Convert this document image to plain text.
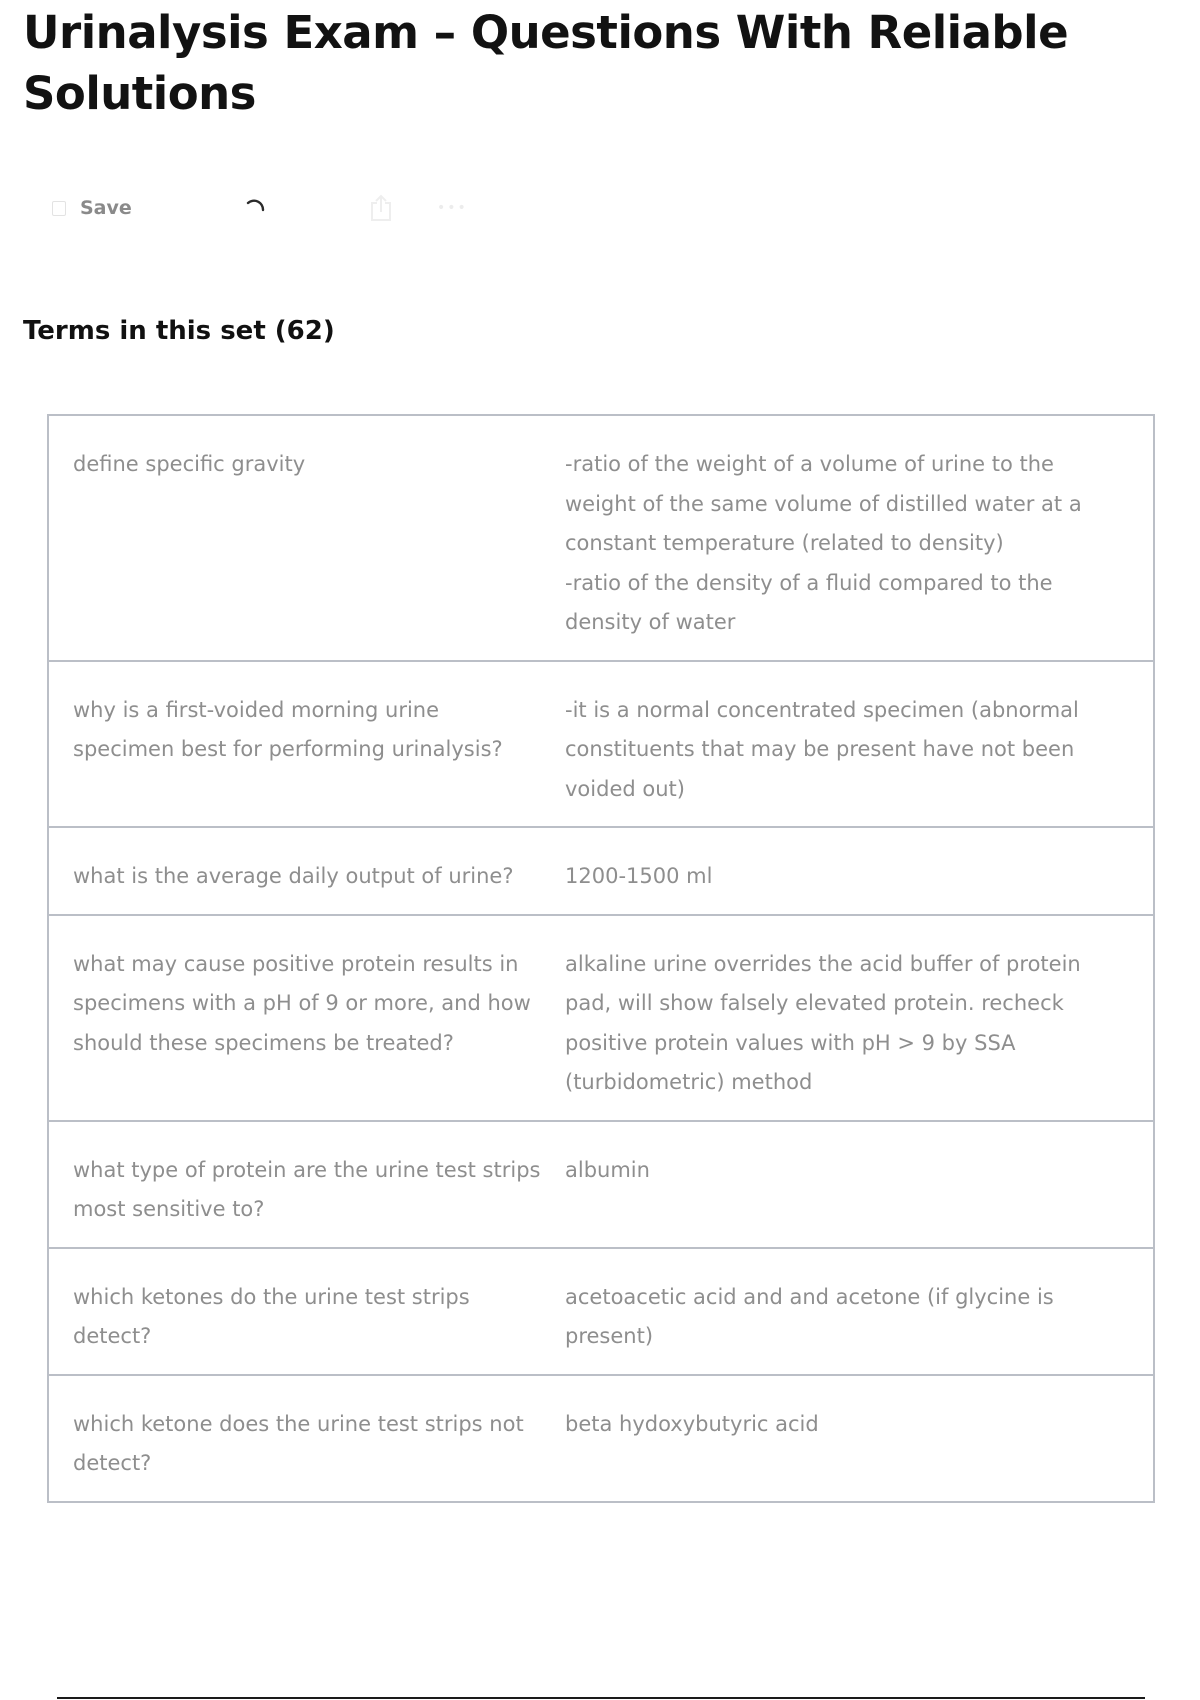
Urinalysis Exam – Questions With Reliable Solutions
Save	•••
Terms in this set (62)
define specific gravity	-ratio of the weight of a volume of urine to the weight of the same volume of distilled water at a constant temperature (related to density)
-ratio of the density of a fluid compared to the density of water
why is a first-voided morning urine specimen best for performing urinalysis?	-it is a normal concentrated specimen (abnormal constituents that may be present have not been voided out)
what is the average daily output of urine?	1200-1500 ml
what may cause positive protein results in specimens with a pH of 9 or more, and how should these specimens be treated?	alkaline urine overrides the acid buffer of protein pad, will show falsely elevated protein. recheck positive protein values with pH > 9 by SSA (turbidometric) method
what type of protein are the urine test strips most sensitive to?	albumin
which ketones do the urine test strips detect?	acetoacetic acid and and acetone (if glycine is present)
which ketone does the urine test strips not detect?	beta hydoxybutyric acid
